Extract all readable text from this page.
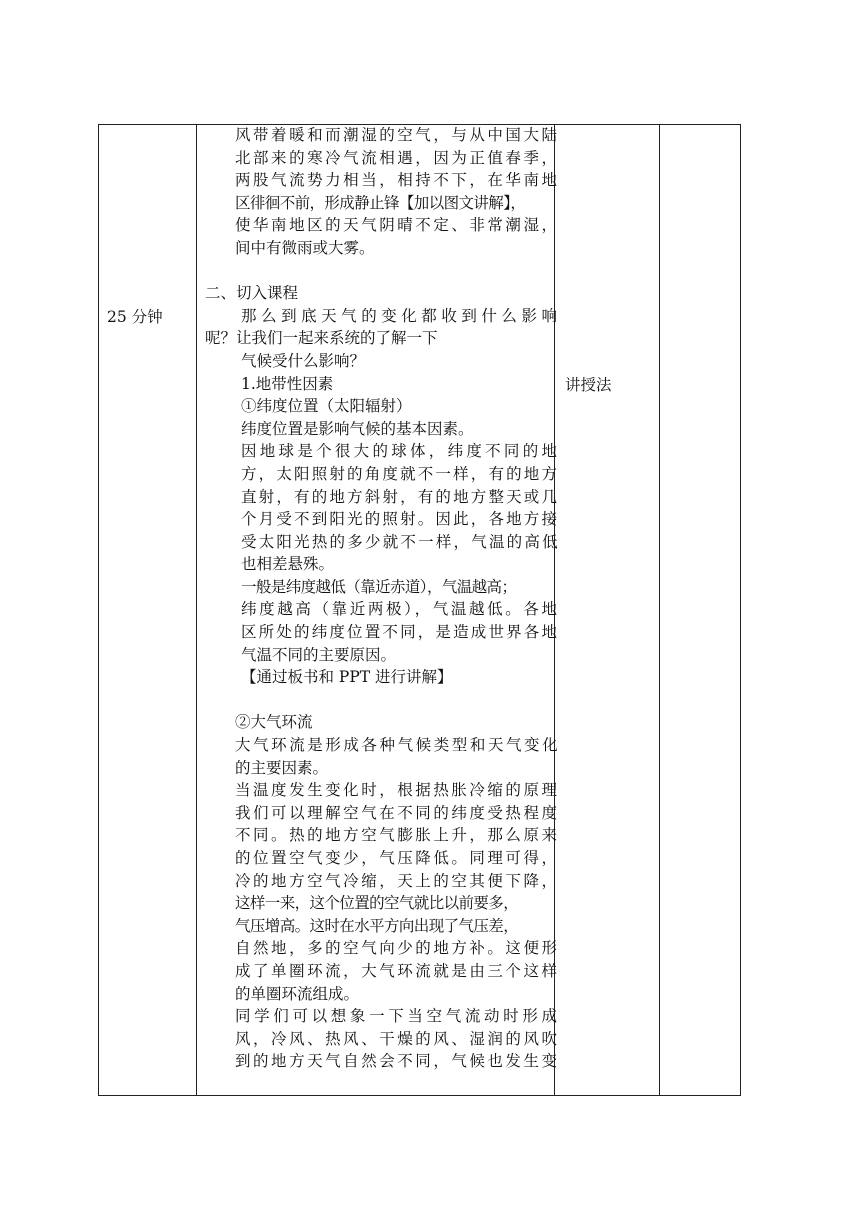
25 分钟
讲授法
风带着暖和而潮湿的空气，与从中国大陆
北部来的寒冷气流相遇，因为正值春季，
两股气流势力相当，相持不下，在华南地
区徘徊不前，形成静止锋【加以图文讲解】，
使华南地区的天气阴晴不定、非常潮湿，
间中有微雨或大雾。
二、切入课程
那么到底天气的变化都收到什么影响
呢？让我们一起来系统的了解一下
气候受什么影响？
1.地带性因素
①纬度位置（太阳辐射）
纬度位置是影响气候的基本因素。
因地球是个很大的球体，纬度不同的地
方，太阳照射的角度就不一样，有的地方
直射，有的地方斜射，有的地方整天或几
个月受不到阳光的照射。因此，各地方接
受太阳光热的多少就不一样，气温的高低
也相差悬殊。
一般是纬度越低（靠近赤道），气温越高；
纬度越高（靠近两极），气温越低。各地
区所处的纬度位置不同，是造成世界各地
气温不同的主要原因。
【通过板书和 PPT 进行讲解】
②大气环流
大气环流是形成各种气候类型和天气变化
的主要因素。
当温度发生变化时，根据热胀冷缩的原理
我们可以理解空气在不同的纬度受热程度
不同。热的地方空气膨胀上升，那么原来
的位置空气变少，气压降低。同理可得，
冷的地方空气冷缩，天上的空其便下降，
这样一来，这个位置的空气就比以前要多，
气压增高。这时在水平方向出现了气压差，
自然地，多的空气向少的地方补。这便形
成了单圈环流，大气环流就是由三个这样
的单圈环流组成。
同学们可以想象一下当空气流动时形成
风，冷风、热风、干燥的风、湿润的风吹
到的地方天气自然会不同，气候也发生变
